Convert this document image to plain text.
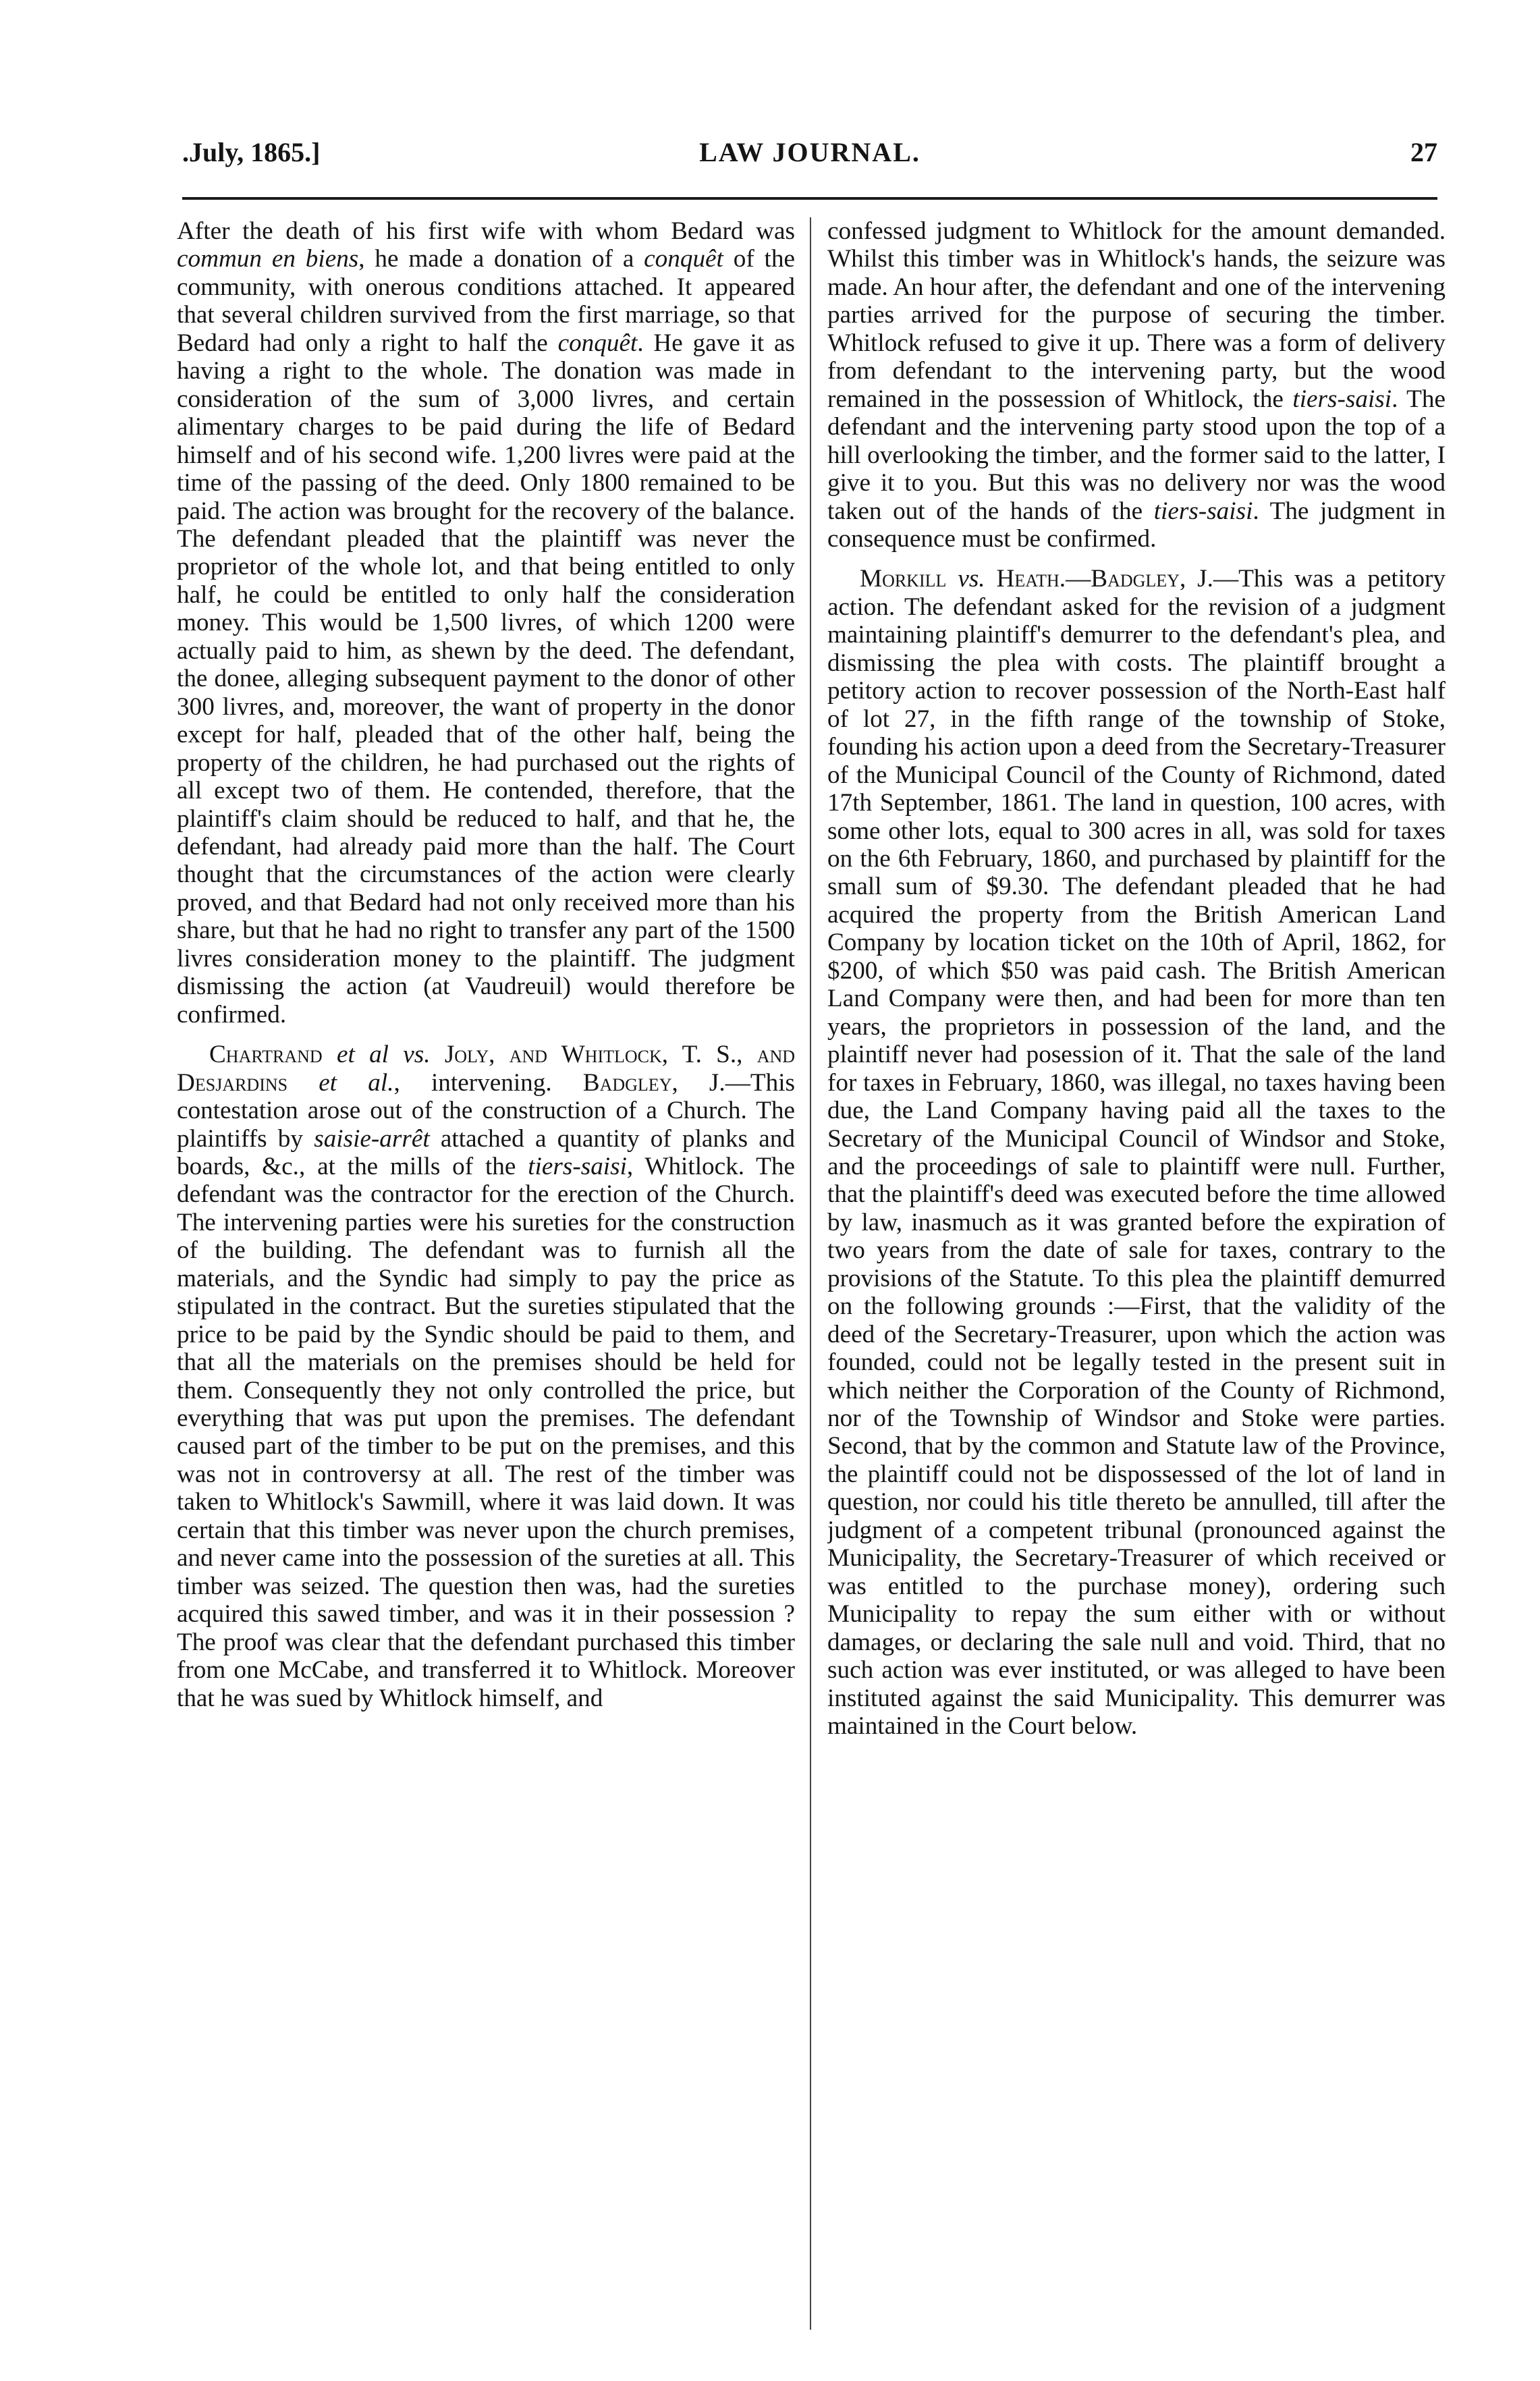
.July, 1865.]	LAW JOURNAL.	27

After the death of his first wife with whom Bedard was commun en biens, he made a donation of a conquêt of the community, with onerous conditions attached. It appeared that several children survived from the first marriage, so that Bedard had only a right to half the conquêt. He gave it as having a right to the whole. The donation was made in consideration of the sum of 3,000 livres, and certain alimentary charges to be paid during the life of Bedard himself and of his second wife. 1,200 livres were paid at the time of the passing of the deed. Only 1800 remained to be paid. The action was brought for the recovery of the balance. The defendant pleaded that the plaintiff was never the proprietor of the whole lot, and that being entitled to only half, he could be entitled to only half the consideration money. This would be 1,500 livres, of which 1200 were actually paid to him, as shewn by the deed. The defendant, the donee, alleging subsequent payment to the donor of other 300 livres, and, moreover, the want of property in the donor except for half, pleaded that of the other half, being the property of the children, he had purchased out the rights of all except two of them. He contended, therefore, that the plaintiff's claim should be reduced to half, and that he, the defendant, had already paid more than the half. The Court thought that the circumstances of the action were clearly proved, and that Bedard had not only received more than his share, but that he had no right to transfer any part of the 1500 livres consideration money to the plaintiff. The judgment dismissing the action (at Vaudreuil) would therefore be confirmed.

Chartrand et al vs. Joly, and Whitlock, T. S., and Desjardins et al., intervening. Badgley, J.—This contestation arose out of the construction of a Church. The plaintiffs by saisie-arrêt attached a quantity of planks and boards, &c., at the mills of the tiers-saisi, Whitlock. The defendant was the contractor for the erection of the Church. The intervening parties were his sureties for the construction of the building. The defendant was to furnish all the materials, and the Syndic had simply to pay the price as stipulated in the contract. But the sureties stipulated that the price to be paid by the Syndic should be paid to them, and that all the materials on the premises should be held for them. Consequently they not only controlled the price, but everything that was put upon the premises. The defendant caused part of the timber to be put on the premises, and this was not in controversy at all. The rest of the timber was taken to Whitlock's Sawmill, where it was laid down. It was certain that this timber was never upon the church premises, and never came into the possession of the sureties at all. This timber was seized. The question then was, had the sureties acquired this sawed timber, and was it in their possession ? The proof was clear that the defendant purchased this timber from one McCabe, and transferred it to Whitlock. Moreover that he was sued by Whitlock himself, and

confessed judgment to Whitlock for the amount demanded. Whilst this timber was in Whitlock's hands, the seizure was made. An hour after, the defendant and one of the intervening parties arrived for the purpose of securing the timber. Whitlock refused to give it up. There was a form of delivery from defendant to the intervening party, but the wood remained in the possession of Whitlock, the tiers-saisi. The defendant and the intervening party stood upon the top of a hill overlooking the timber, and the former said to the latter, I give it to you. But this was no delivery nor was the wood taken out of the hands of the tiers-saisi. The judgment in consequence must be confirmed.

Morkill vs. Heath.—Badgley, J.—This was a petitory action. The defendant asked for the revision of a judgment maintaining plaintiff's demurrer to the defendant's plea, and dismissing the plea with costs. The plaintiff brought a petitory action to recover possession of the North-East half of lot 27, in the fifth range of the township of Stoke, founding his action upon a deed from the Secretary-Treasurer of the Municipal Council of the County of Richmond, dated 17th September, 1861. The land in question, 100 acres, with some other lots, equal to 300 acres in all, was sold for taxes on the 6th February, 1860, and purchased by plaintiff for the small sum of $9.30. The defendant pleaded that he had acquired the property from the British American Land Company by location ticket on the 10th of April, 1862, for $200, of which $50 was paid cash. The British American Land Company were then, and had been for more than ten years, the proprietors in possession of the land, and the plaintiff never had posession of it. That the sale of the land for taxes in February, 1860, was illegal, no taxes having been due, the Land Company having paid all the taxes to the Secretary of the Municipal Council of Windsor and Stoke, and the proceedings of sale to plaintiff were null. Further, that the plaintiff's deed was executed before the time allowed by law, inasmuch as it was granted before the expiration of two years from the date of sale for taxes, contrary to the provisions of the Statute. To this plea the plaintiff demurred on the following grounds :—First, that the validity of the deed of the Secretary-Treasurer, upon which the action was founded, could not be legally tested in the present suit in which neither the Corporation of the County of Richmond, nor of the Township of Windsor and Stoke were parties. Second, that by the common and Statute law of the Province, the plaintiff could not be dispossessed of the lot of land in question, nor could his title thereto be annulled, till after the judgment of a competent tribunal (pronounced against the Municipality, the Secretary-Treasurer of which received or was entitled to the purchase money), ordering such Municipality to repay the sum either with or without damages, or declaring the sale null and void. Third, that no such action was ever instituted, or was alleged to have been instituted against the said Municipality. This demurrer was maintained in the Court below.
